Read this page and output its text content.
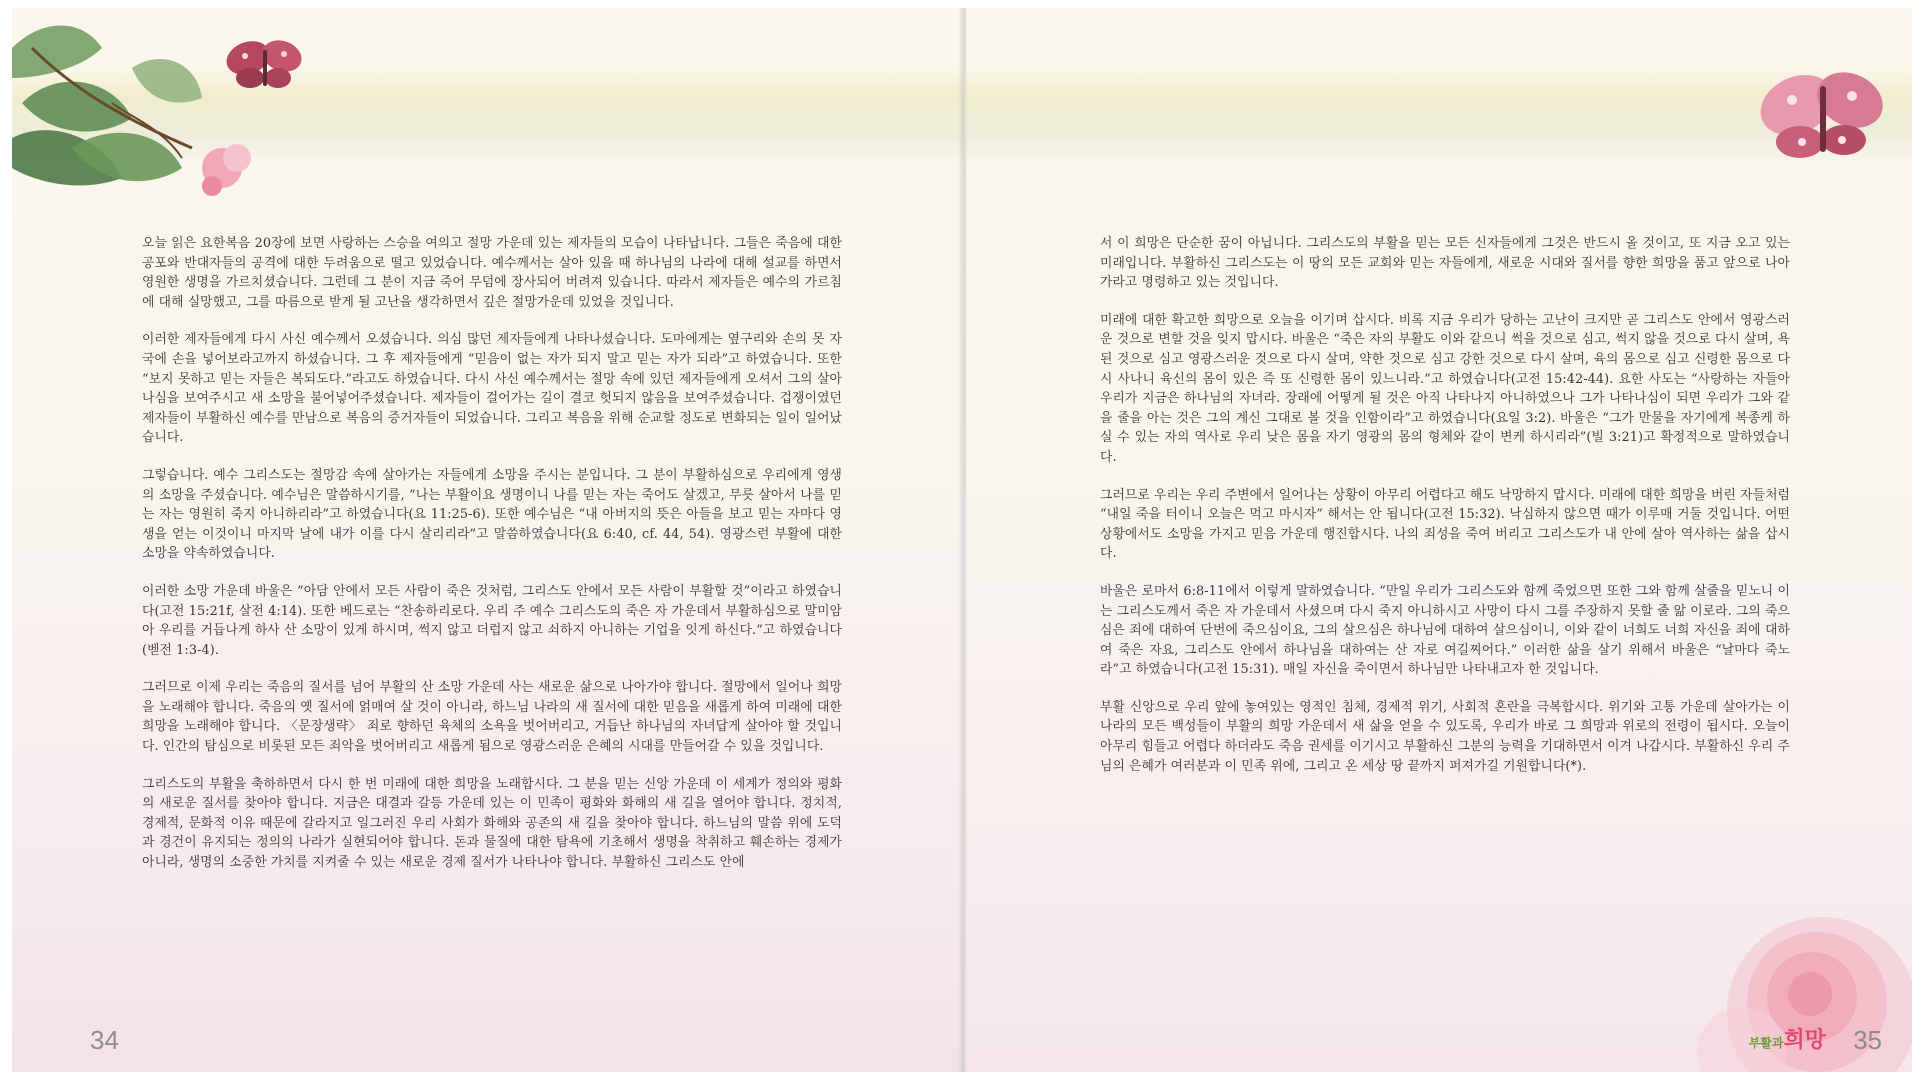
오늘 읽은 요한복음 20장에 보면 사랑하는 스승을 여의고 절망 가운데 있는 제자들의 모습이 나타납니다. 그들은 죽음에 대한 공포와 반대자들의 공격에 대한 두려움으로 떨고 있었습니다. 예수께서는 살아 있을 때 하나님의 나라에 대해 설교를 하면서 영원한 생명을 가르치셨습니다. 그런데 그 분이 지금 죽어 무덤에 장사되어 버려져 있습니다. 따라서 제자들은 예수의 가르침에 대해 실망했고, 그를 따름으로 받게 될 고난을 생각하면서 깊은 절망가운데 있었을 것입니다.

이러한 제자들에게 다시 사신 예수께서 오셨습니다. 의심 많던 제자들에게 나타나셨습니다. 도마에게는 옆구리와 손의 못 자국에 손을 넣어보라고까지 하셨습니다. 그 후 제자들에게 “믿음이 없는 자가 되지 말고 믿는 자가 되라”고 하였습니다. 또한 “보지 못하고 믿는 자들은 복되도다.”라고도 하였습니다. 다시 사신 예수께서는 절망 속에 있던 제자들에게 오셔서 그의 살아나심을 보여주시고 새 소망을 불어넣어주셨습니다. 제자들이 걸어가는 길이 결코 헛되지 않음을 보여주셨습니다. 겁쟁이였던 제자들이 부활하신 예수를 만남으로 복음의 증거자들이 되었습니다. 그리고 복음을 위해 순교할 정도로 변화되는 일이 일어났습니다.

그렇습니다. 예수 그리스도는 절망감 속에 살아가는 자들에게 소망을 주시는 분입니다. 그 분이 부활하심으로 우리에게 영생의 소망을 주셨습니다. 예수님은 말씀하시기를, “나는 부활이요 생명이니 나를 믿는 자는 죽어도 살겠고, 무릇 살아서 나를 믿는 자는 영원히 죽지 아니하리라”고 하였습니다(요 11:25-6). 또한 예수님은 “내 아버지의 뜻은 아들을 보고 믿는 자마다 영생을 얻는 이것이니 마지막 날에 내가 이를 다시 살리리라”고 말씀하였습니다(요 6:40, cf. 44, 54). 영광스런 부활에 대한 소망을 약속하였습니다.

이러한 소망 가운데 바울은 “아담 안에서 모든 사람이 죽은 것처럼, 그리스도 안에서 모든 사람이 부활할 것”이라고 하였습니다(고전 15:21f, 살전 4:14). 또한 베드로는 “찬송하리로다. 우리 주 예수 그리스도의 죽은 자 가운데서 부활하심으로 말미암아 우리를 거듭나게 하사 산 소망이 있게 하시며, 썩지 않고 더럽지 않고 쇠하지 아니하는 기업을 잇게 하신다.”고 하였습니다(벧전 1:3-4).

그러므로 이제 우리는 죽음의 질서를 넘어 부활의 산 소망 가운데 사는 새로운 삶으로 나아가야 합니다. 절망에서 일어나 희망을 노래해야 합니다. 죽음의 옛 질서에 얽매여 살 것이 아니라, 하느님 나라의 새 질서에 대한 믿음을 새롭게 하여 미래에 대한 희망을 노래해야 합니다. 〈문장생략〉 죄로 향하던 육체의 소욕을 벗어버리고, 거듭난 하나님의 자녀답게 살아야 할 것입니다. 인간의 탐심으로 비롯된 모든 죄악을 벗어버리고 새롭게 됨으로 영광스러운 은혜의 시대를 만들어갈 수 있을 것입니다.

그리스도의 부활을 축하하면서 다시 한 번 미래에 대한 희망을 노래합시다. 그 분을 믿는 신앙 가운데 이 세계가 정의와 평화의 새로운 질서를 찾아야 합니다. 지금은 대결과 갈등 가운데 있는 이 민족이 평화와 화해의 새 길을 열어야 합니다. 정치적, 경제적, 문화적 이유 때문에 갈라지고 일그러진 우리 사회가 화해와 공존의 새 길을 찾아야 합니다. 하느님의 말씀 위에 도덕과 경건이 유지되는 정의의 나라가 실현되어야 합니다. 돈과 물질에 대한 탐욕에 기초해서 생명을 착취하고 훼손하는 경제가 아니라, 생명의 소중한 가치를 지켜줄 수 있는 새로운 경제 질서가 나타나야 합니다. 부활하신 그리스도 안에

34

서 이 희망은 단순한 꿈이 아닙니다. 그리스도의 부활을 믿는 모든 신자들에게 그것은 반드시 올 것이고, 또 지금 오고 있는 미래입니다. 부활하신 그리스도는 이 땅의 모든 교회와 믿는 자들에게, 새로운 시대와 질서를 향한 희망을 품고 앞으로 나아가라고 명령하고 있는 것입니다.

미래에 대한 확고한 희망으로 오늘을 이기며 삽시다. 비록 지금 우리가 당하는 고난이 크지만 곧 그리스도 안에서 영광스러운 것으로 변할 것을 잊지 맙시다. 바울은 “죽은 자의 부활도 이와 같으니 썩을 것으로 심고, 썩지 않을 것으로 다시 살며, 욕된 것으로 심고 영광스러운 것으로 다시 살며, 약한 것으로 심고 강한 것으로 다시 살며, 육의 몸으로 심고 신령한 몸으로 다시 사나니 육신의 몸이 있은 즉 또 신령한 몸이 있느니라.”고 하였습니다(고전 15:42-44). 요한 사도는 “사랑하는 자들아 우리가 지금은 하나님의 자녀라. 장래에 어떻게 될 것은 아직 나타나지 아니하였으나 그가 나타나심이 되면 우리가 그와 같을 줄을 아는 것은 그의 계신 그대로 볼 것을 인함이라”고 하였습니다(요일 3:2). 바울은 “그가 만물을 자기에게 복종케 하실 수 있는 자의 역사로 우리 낮은 몸을 자기 영광의 몸의 형체와 같이 변케 하시리라”(빌 3:21)고 확정적으로 말하였습니다.

그러므로 우리는 우리 주변에서 일어나는 상황이 아무리 어렵다고 해도 낙망하지 맙시다. 미래에 대한 희망을 버린 자들처럼 “내일 죽을 터이니 오늘은 먹고 마시자” 해서는 안 됩니다(고전 15:32). 낙심하지 않으면 때가 이루매 거둘 것입니다. 어떤 상황에서도 소망을 가지고 믿음 가운데 행진합시다. 나의 죄성을 죽여 버리고 그리스도가 내 안에 살아 역사하는 삶을 삽시다.

바울은 로마서 6:8-11에서 이렇게 말하였습니다. “만일 우리가 그리스도와 함께 죽었으면 또한 그와 함께 살줄을 믿노니 이는 그리스도께서 죽은 자 가운데서 사셨으며 다시 죽지 아니하시고 사망이 다시 그를 주장하지 못할 줄 앎 이로라. 그의 죽으심은 죄에 대하여 단번에 죽으심이요, 그의 살으심은 하나님에 대하여 살으심이니, 이와 같이 너희도 너희 자신을 죄에 대하여 죽은 자요, 그리스도 안에서 하나님을 대하여는 산 자로 여길찌어다.” 이러한 삶을 살기 위해서 바울은 “날마다 죽노라”고 하였습니다(고전 15:31). 매일 자신을 죽이면서 하나님만 나타내고자 한 것입니다.

부활 신앙으로 우리 앞에 놓여있는 영적인 침체, 경제적 위기, 사회적 혼란을 극복합시다. 위기와 고통 가운데 살아가는 이 나라의 모든 백성들이 부활의 희망 가운데서 새 삶을 얻을 수 있도록, 우리가 바로 그 희망과 위로의 전령이 됩시다. 오늘이 아무리 힘들고 어렵다 하더라도 죽음 권세를 이기시고 부활하신 그분의 능력을 기대하면서 이겨 나갑시다. 부활하신 우리 주님의 은혜가 여러분과 이 민족 위에, 그리고 온 세상 땅 끝까지 퍼져가길 기원합니다(*).

부활과희망 35
